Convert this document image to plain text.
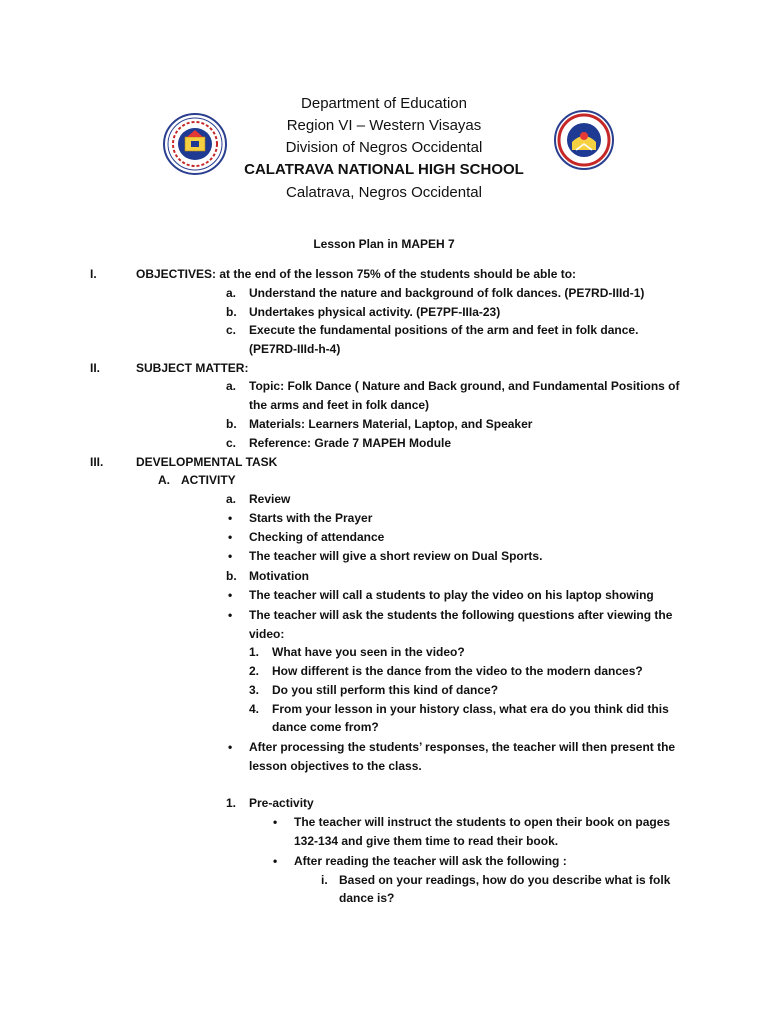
Department of Education
Region VI – Western Visayas
Division of Negros Occidental
CALATRAVA NATIONAL HIGH SCHOOL
Calatrava, Negros Occidental
Lesson Plan in MAPEH 7
I.	OBJECTIVES: at the end of the lesson 75% of the students should be able to:
a. Understand the nature and background of folk dances. (PE7RD-IIId-1)
b. Undertakes physical activity. (PE7PF-IIIa-23)
c. Execute the fundamental positions of the arm and feet in folk dance.
(PE7RD-IIId-h-4)
II.	SUBJECT MATTER:
a. Topic: Folk Dance ( Nature and Back ground, and Fundamental Positions of
the arms and feet in folk dance)
b. Materials: Learners Material, Laptop, and Speaker
c. Reference: Grade 7 MAPEH Module
III.	DEVELOPMENTAL TASK
A. ACTIVITY
a. Review
• Starts with the Prayer
• Checking of attendance
• The teacher will give a short review on Dual Sports.
b. Motivation
• The teacher will call a students to play the video on his laptop showing
• The teacher will ask the students the following questions after viewing the
video:
1. What have you seen in the video?
2. How different is the dance from the video to the modern dances?
3. Do you still perform this kind of dance?
4. From your lesson in your history class, what era do you think did this
dance come from?
• After processing the students’ responses, the teacher will then present the
lesson objectives to the class.
1. Pre-activity
• The teacher will instruct the students to open their book on pages
132-134 and give them time to read their book.
• After reading the teacher will ask the following :
i. Based on your readings, how do you describe what is folk
dance is?
